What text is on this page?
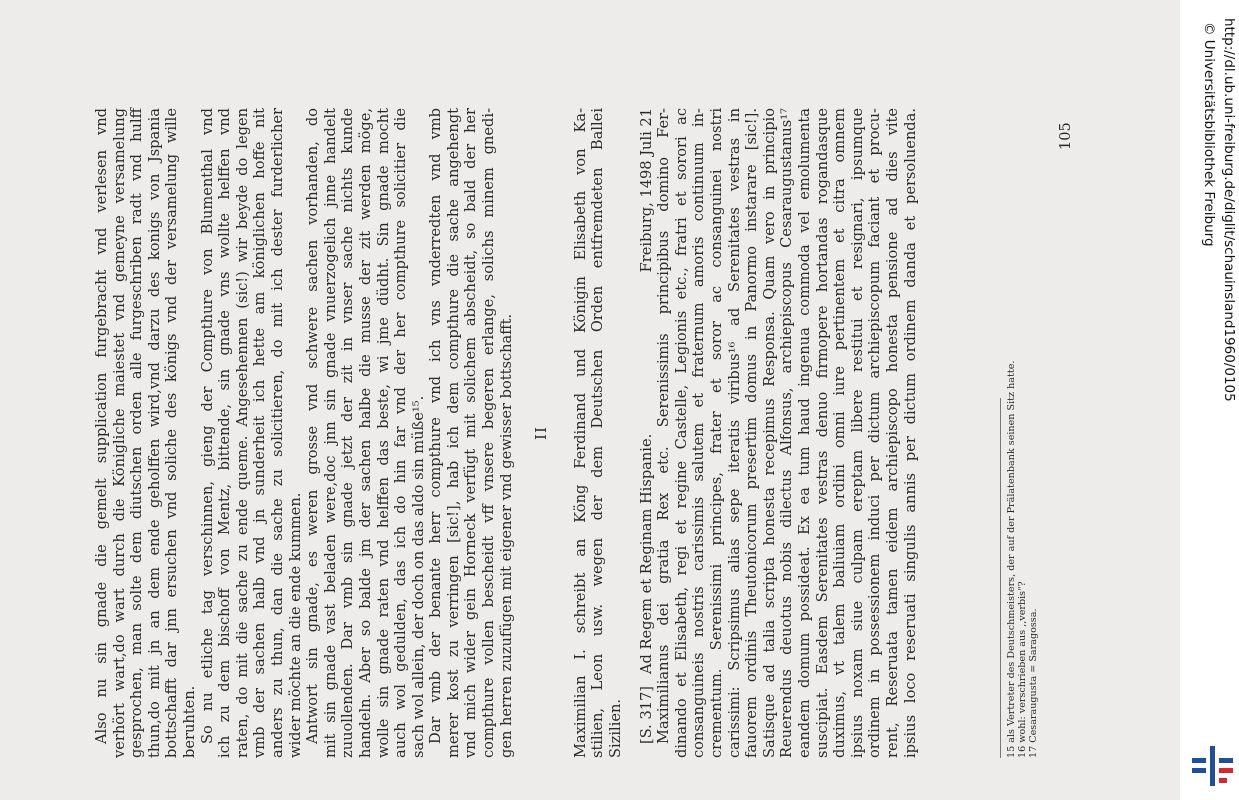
Also nu sin gnade die gemelt supplication furgebracht vnd verlesen vnd verhört wart,do wart durch die Königliche maiestet vnd gemeyne versamelung gesprochen, man solte dem diutschen orden alle furgeschriben radt vnd hulff thun,do mit jn an dem ende geholffen wird,vnd darzu des konigs von Jspania bottschafft dar jnn ersuchen vnd soliche des königs vnd der versamelung wille beruhten. So nu etliche tag verschinnen, gieng der Compthure von Blumenthal vnd ich zu dem bischoff von Mentz, bittende, sin gnade vns wollte helffen vnd raten, do mit die sache zu ende queme. Angesehennen (sic!) wir beyde do legen vmb der sachen halb vnd jn sunderheit ich hette am königlichen hoffe nit anders zu thun, dan die sache zu solicitieren, do mit ich dester furderlicher wider möchte an die ende kummen. Antwort sin gnade, es weren grosse vnd schwere sachen vorhanden, do mit sin gnade vast beladen were,doc jnn sin gnade vnuerzogelich jnne handelt zuuollenden. Dar vmb sin gnade jetzt der zit in vnser sache nichts kunde handeln. Aber so balde jm der sachen halbe die musse der zit werden möge, wolle sin gnade raten vnd helffen das beste, wi jme düdht. Sin gnade mocht auch wol gedulden, das ich do hin far vnd der her compthure solicitier die sach wol allein, der doch on das aldo sin müße¹⁵. Dar vmb der benante herr compthure vnd ich vns vnderredten vnd vmb merer kost zu verringen [sic!], hab ich dem compthure die sache angehengt vnd mich wider gein Horneck verfügt mit solichem abscheidt, so bald der her compthure vollen bescheidt vff vnsere begeren erlange, solichs minem gnedi- gen herren zuzufügen mit eigener vnd gewisser bottschafft. II Maximilian I. schreibt an Köng Ferdinand und Königin Elisabeth von Ka- stilien, Leon usw. wegen der dem Deutschen Orden entfremdeten Ballei Sizilien. [S. 317]
Freiburg, 1498 Juli 21

Ad Regem et Reginam Hispanie. Maximilianus dei gratia Rex etc. Serenissimis principibus domino Fer- dinando et Elisabeth, regi et regine Castelle, Legionis etc., fratri et sorori ac consanguineis nostris carissimis salutem et fraternum amoris continuum in- crementum. Serenissimi principes, frater et soror ac consanguinei nostri carissimi: Scripsimus alias sepe iteratis viribus¹⁶ ad Serenitates vestras in fauorem ordinis Theutonicorum presertim domus in Panormo instarare [sic!]. Satisque ad talia scripta honesta recepimus Responsa. Quam vero in principio Reuerendus deuotus nobis dilectus Alfonsus, archiepiscopus Cesaraugustanus¹⁷ eandem domum possideat. Ex ea tum haud ingenua commoda vel emolumenta suscipiat. Easdem Serenitates vestras denuo firmopere hortandas rogandasque duximus, vt talem baliuiam ordini omni iure pertinentem et citra omnem ipsius noxam siue culpam ereptam libere restitui et resignari, ipsumque ordinem in possessionem induci per dictum archiepiscopum faciant et procu- rent, Reseruata tamen eidem archiepiscopo honesta pensione ad dies vite ipsius loco reseruati singulis annis per dictum ordinem danda et persoluenda.	15 als Vertreter des Deutschmeisters, der auf der Prälatenbank seinen Sitz hatte. 16 wohl: verschrieben aus ,,verbis"? 17 Cesaraugusta = Saragossa.
105	http://dl.ub.uni-freiburg.de/diglit/schauinsland1960/0105
© Universitätsbibliothek Freiburg
